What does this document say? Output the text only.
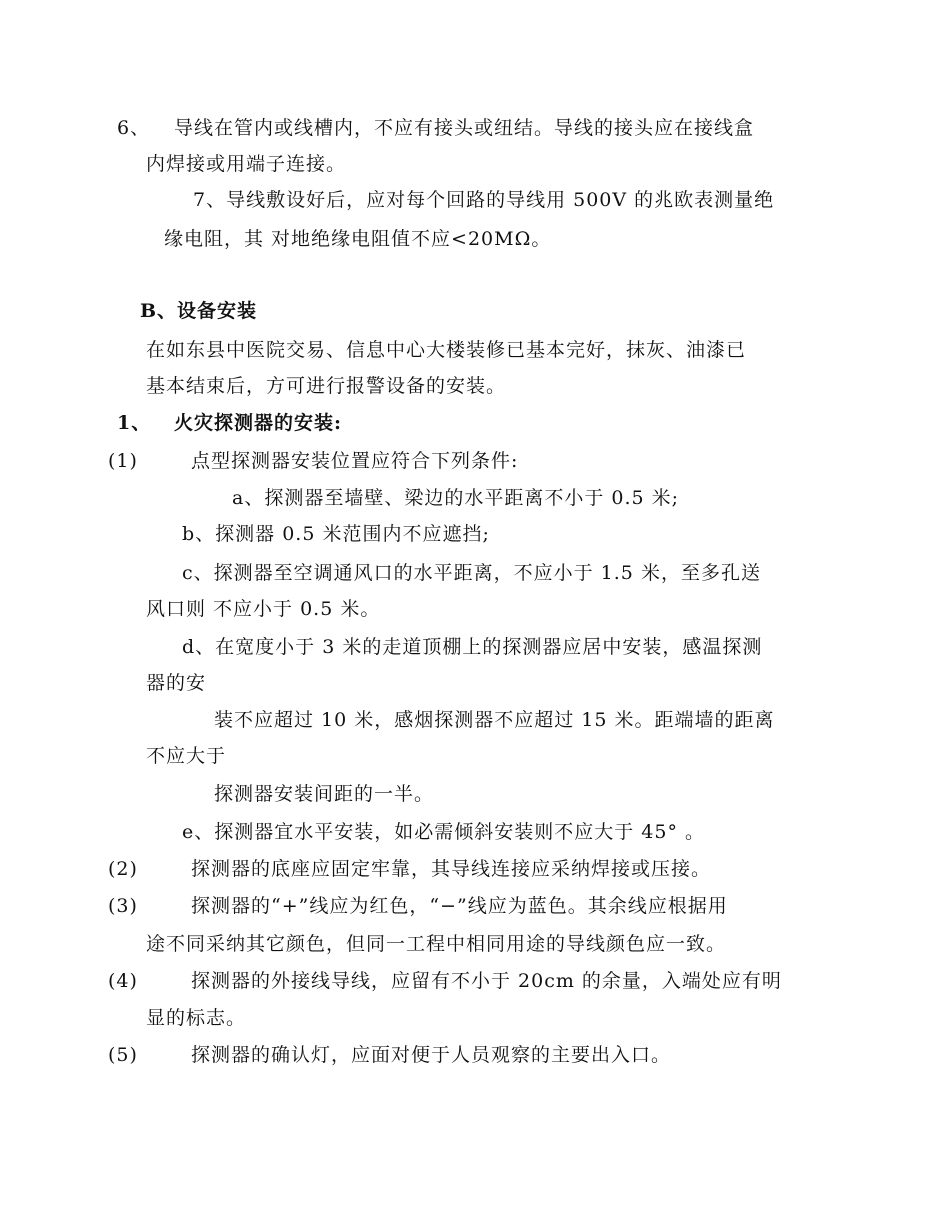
6、 导线在管内或线槽内，不应有接头或纽结。导线的接头应在接线盒
内焊接或用端子连接。
7、导线敷设好后，应对每个回路的导线用 500V 的兆欧表测量绝
缘电阻，其 对地绝缘电阻值不应<20MΩ。
B、设备安装
在如东县中医院交易、信息中心大楼装修已基本完好，抹灰、油漆已
基本结束后，方可进行报警设备的安装。
1、 火灾探测器的安装:
(1)	点型探测器安装位置应符合下列条件:
a、探测器至墙壁、梁边的水平距离不小于 0.5 米;
b、探测器 0.5 米范围内不应遮挡;
c、探测器至空调通风口的水平距离，不应小于 1.5 米，至多孔送
风口则 不应小于 0.5 米。
d、在宽度小于 3 米的走道顶棚上的探测器应居中安装，感温探测
器的安
装不应超过 10 米，感烟探测器不应超过 15 米。距端墙的距离
不应大于
探测器安装间距的一半。
e、探测器宜水平安装，如必需倾斜安装则不应大于 45° 。
(2)	探测器的底座应固定牢靠，其导线连接应采纳焊接或压接。
(3)	探测器的“+”线应为红色，“−”线应为蓝色。其余线应根据用
途不同采纳其它颜色，但同一工程中相同用途的导线颜色应一致。
(4)	探测器的外接线导线，应留有不小于 20cm 的余量，入端处应有明
显的标志。
(5)	探测器的确认灯，应面对便于人员观察的主要出入口。
